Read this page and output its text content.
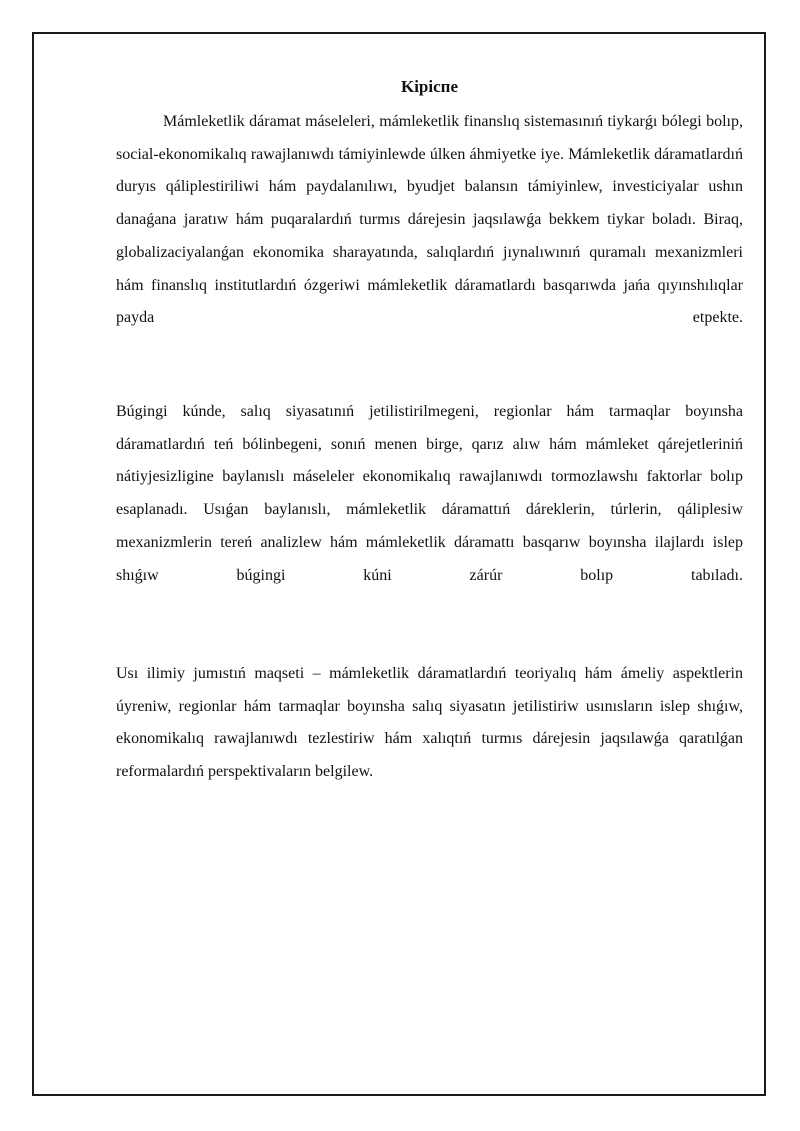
Kipicпe

Mámleketlik dáramat máseleleri, mámleketlik finanslıq sistemasınıń tiykarǵı bólegi bolıp, social-ekonomikalıq rawajlanıwdı támiyinlewde úlken áhmiyetke iye. Mámleketlik dáramatlardıń duryıs qáliplestiriliwi hám paydalanılıwı, byudjet balansın támiyinlew, investiciyalar ushın danaǵana jaratıw hám puqaralardıń turmıs dárejesin jaqsılawǵa bekkem tiykar boladı. Biraq, globalizaciyalanǵan ekonomika sharayatında, salıqlardıń jıynalıwınıń quramalı mexanizmleri hám finanslıq institutlardıń ózgeriwi mámleketlik dáramatlardı basqarıwda jańa qıyınshılıqlar payda etpekte.

Búgingi kúnde, salıq siyasatınıń jetilistirilmegeni, regionlar hám tarmaqlar boyınsha dáramatlardıń teń bólinbegeni, sonıń menen birge, qarız alıw hám mámleket qárejetleriniń nátiyjesizligine baylanıslı máseleler ekonomikalıq rawajlanıwdı tormozlawshı faktorlar bolıp esaplanadı. Usıǵan baylanıslı, mámleketlik dáramattıń dáreklerin, túrlerin, qáliplesiw mexanizmlerin tereń analizlew hám mámleketlik dáramattı basqarıw boyınsha ilajlardı islep shıǵıw búgingi kúni zárúr bolıp tabıladı.

Usı ilimiy jumıstıń maqseti – mámleketlik dáramatlardıń teoriyalıq hám ámeliy aspektlerin úyreniw, regionlar hám tarmaqlar boyınsha salıq siyasatın jetilistiriw usınısların islep shıǵıw, ekonomikalıq rawajlanıwdı tezlestiriw hám xalıqtıń turmıs dárejesin jaqsılawǵa qaratılǵan reformalardıń perspektivaların belgilew.
